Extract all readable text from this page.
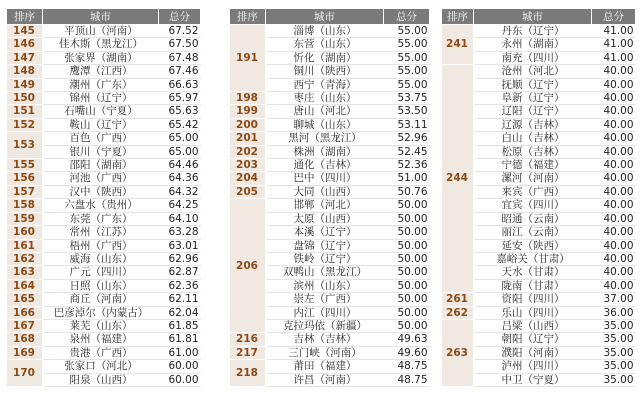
排序	城市	总分
145	平顶山（河南）	67.52
146	佳木斯（黑龙江）	67.50
147	张家界（湖南）	67.48
148	鹰潭（江西）	67.46
149	潮州（广东）	66.63
150	锦州（辽宁）	65.97
151	石嘴山（宁夏）	65.63
152	鞍山（辽宁）	65.42
153	百色（广西）	65.00
	银川（宁夏）	65.00
155	邵阳（湖南）	64.46
156	河池（广西）	64.36
157	汉中（陕西）	64.32
158	六盘水（贵州）	64.25
159	东莞（广东）	64.10
160	常州（江苏）	63.28
161	梧州（广西）	63.01
162	威海（山东）	62.96
163	广元（四川）	62.87
164	日照（山东）	62.36
165	商丘（河南）	62.11
166	巴彦淖尔（内蒙古）	62.04
167	莱芜（山东）	61.85
168	泉州（福建）	61.81
169	贵港（广西）	61.00
170	张家口（河北）	60.00
	阳泉（山西）	60.00
排序	城市	总分
191	淄博（山东）	55.00
	东营（山东）	55.00
	忻化（湖南）	55.00
	铜川（陕西）	55.00
	西宁（青海）	55.00
198	枣庄（山东）	53.75
199	唐山（河北）	53.50
200	聊城（山东）	53.11
201	黑河（黑龙江）	52.96
202	株洲（湖南）	52.45
203	通化（吉林）	52.36
204	巴中（四川）	51.00
205	大同（山西）	50.76
206	邯郸（河北）	50.00
	太原（山西）	50.00
	本溪（辽宁）	50.00
	盘锦（辽宁）	50.00
	铁岭（辽宁）	50.00
	双鸭山（黑龙江）	50.00
	滨州（山东）	50.00
	崇左（广西）	50.00
	内江（四川）	50.00
	克拉玛依（新疆）	50.00
216	吉林（吉林）	49.63
217	三门峡（河南）	49.60
218	莆田（福建）	48.75
	许昌（河南）	48.75
排序	城市	总分
241	丹东（辽宁）	41.00
	永州（湖南）	41.00
	南充（四川）	41.00
244	沧州（河北）	40.00
	抚顺（辽宁）	40.00
	阜新（辽宁）	40.00
	辽阳（辽宁）	40.00
	辽源（吉林）	40.00
	白山（吉林）	40.00
	松原（吉林）	40.00
	宁德（福建）	40.00
	漯河（河南）	40.00
	来宾（广西）	40.00
	宜宾（四川）	40.00
	昭通（云南）	40.00
	丽江（云南）	40.00
	延安（陕西）	40.00
	嘉峪关（甘肃）	40.00
	天水（甘肃）	40.00
	陇南（甘肃）	40.00
261	资阳（四川）	37.00
262	乐山（四川）	36.00
263	吕梁（山西）	35.00
	朝阳（辽宁）	35.00
	濮阳（河南）	35.00
	泸州（四川）	35.00
	中卫（宁夏）	35.00
